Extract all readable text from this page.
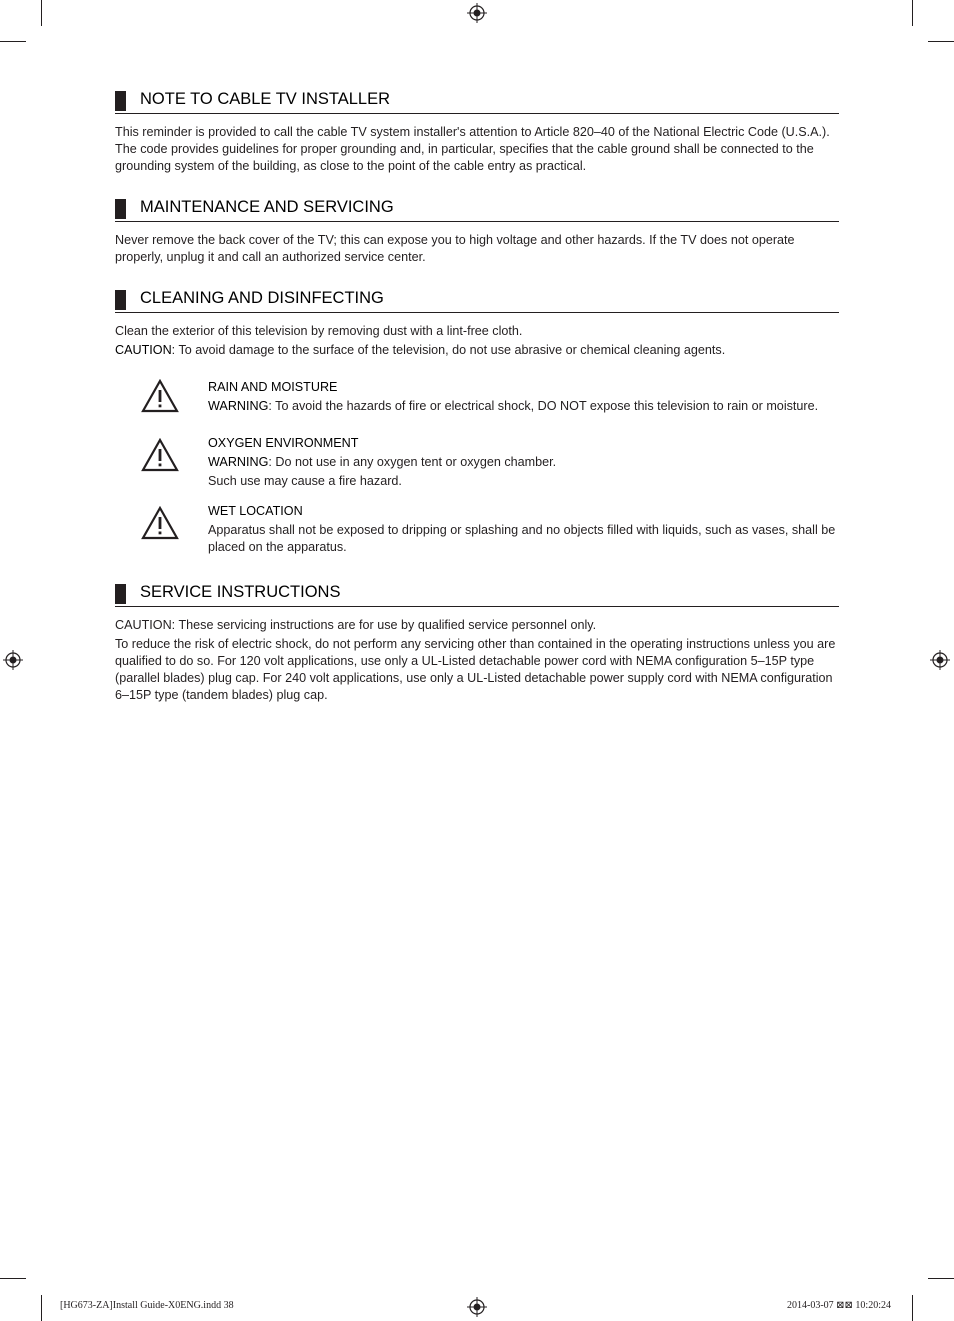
NOTE TO CABLE TV INSTALLER

This reminder is provided to call the cable TV system installer's attention to Article 820–40 of the National Electric Code (U.S.A.). The code provides guidelines for proper grounding and, in particular, specifies that the cable ground shall be connected to the grounding system of the building, as close to the point of the cable entry as practical.

MAINTENANCE AND SERVICING

Never remove the back cover of the TV; this can expose you to high voltage and other hazards. If the TV does not operate properly, unplug it and call an authorized service center.

CLEANING AND DISINFECTING

Clean the exterior of this television by removing dust with a lint-free cloth.

CAUTION: To avoid damage to the surface of the television, do not use abrasive or chemical cleaning agents.

RAIN AND MOISTURE

WARNING: To avoid the hazards of fire or electrical shock, DO NOT expose this television to rain or moisture.

OXYGEN ENVIRONMENT

WARNING: Do not use in any oxygen tent or oxygen chamber.

Such use may cause a fire hazard.

WET LOCATION

Apparatus shall not be exposed to dripping or splashing and no objects filled with liquids, such as vases, shall be placed on the apparatus.

SERVICE INSTRUCTIONS

CAUTION: These servicing instructions are for use by qualified service personnel only.

To reduce the risk of electric shock, do not perform any servicing other than contained in the operating instructions unless you are qualified to do so. For 120 volt applications, use only a UL-Listed detachable power cord with NEMA configuration 5–15P type (parallel blades) plug cap. For 240 volt applications, use only a UL-Listed detachable power supply cord with NEMA configuration 6–15P type (tandem blades) plug cap.

[HG673-ZA]Install Guide-X0ENG.indd 38	2014-03-07 ⊠⊠ 10:20:24
